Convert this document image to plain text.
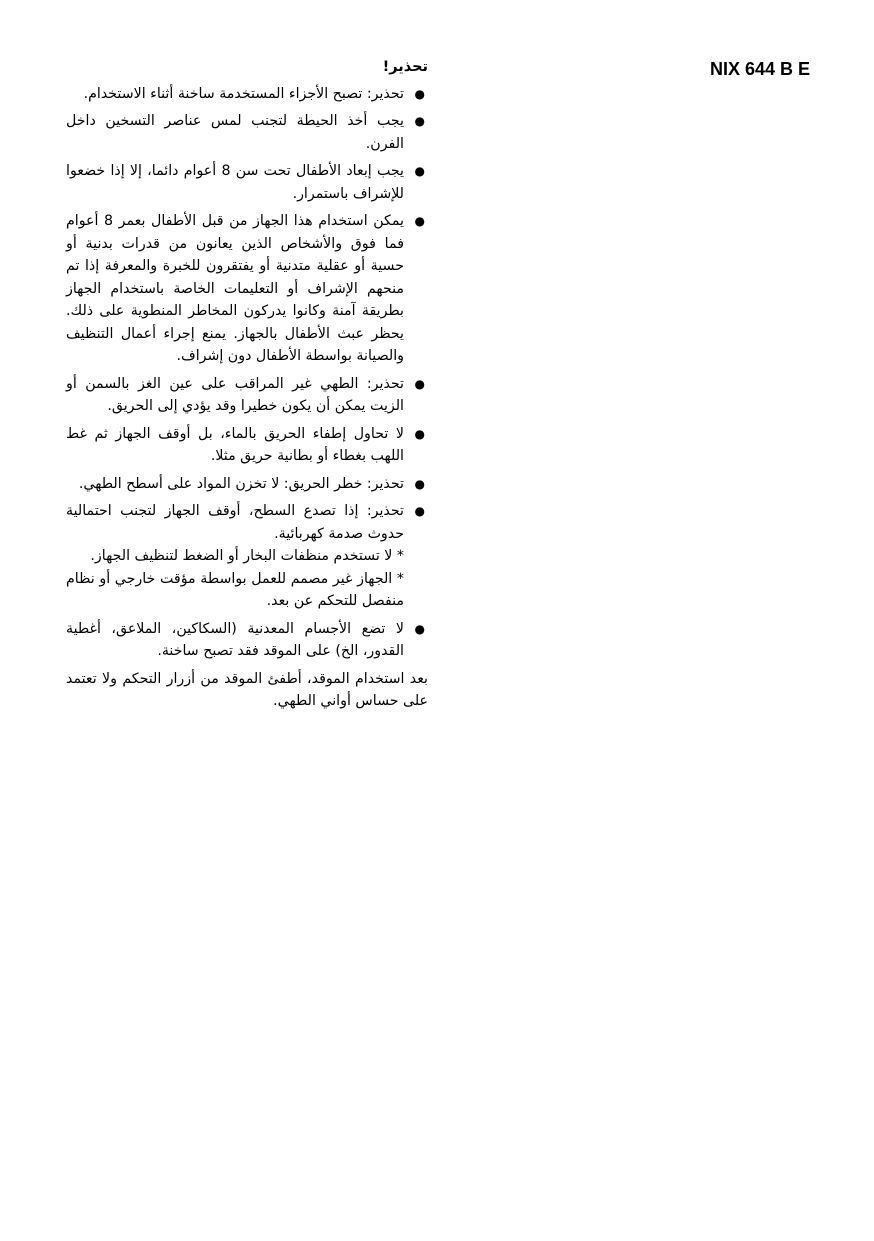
NIX 644 B E
تحذير!
●
تحذير: تصبح الأجزاء المستخدمة ساخنة أثناء الاستخدام.
●
يجب أخذ الحيطة لتجنب لمس عناصر التسخين داخل الفرن.
●
يجب إبعاد الأطفال تحت سن 8 أعوام دائما، إلا إذا خضعوا للإشراف باستمرار.
●
يمكن استخدام هذا الجهاز من قبل الأطفال بعمر 8 أعوام فما فوق والأشخاص الذين يعانون من قدرات بدنية أو حسية أو عقلية متدنية أو يفتقرون للخبرة والمعرفة إذا تم منحهم الإشراف أو التعليمات الخاصة باستخدام الجهاز بطريقة آمنة وكانوا يدركون المخاطر المنطوية على ذلك. يحظر عبث الأطفال بالجهاز. يمنع إجراء أعمال التنظيف والصيانة بواسطة الأطفال دون إشراف.
●
تحذير: الطهي غير المراقب على عين الغز بالسمن أو الزيت يمكن أن يكون خطيرا وقد يؤدي إلى الحريق.
●
لا تحاول إطفاء الحريق بالماء، بل أوقف الجهاز ثم غط اللهب بغطاء أو بطانية حريق مثلا.
●
تحذير: خطر الحريق: لا تخزن المواد على أسطح الطهي.
●
تحذير: إذا تصدع السطح، أوقف الجهاز لتجنب احتمالية حدوث صدمة كهربائية.
* لا تستخدم منظفات البخار أو الضغط لتنظيف الجهاز.
* الجهاز غير مصمم للعمل بواسطة مؤقت خارجي أو نظام منفصل للتحكم عن بعد.
●
لا تضع الأجسام المعدنية (السكاكين، الملاعق، أغطية القدور، الخ) على الموقد فقد تصبح ساخنة.

بعد استخدام الموقد، أطفئ الموقد من أزرار التحكم ولا تعتمد على حساس أواني الطهي.
